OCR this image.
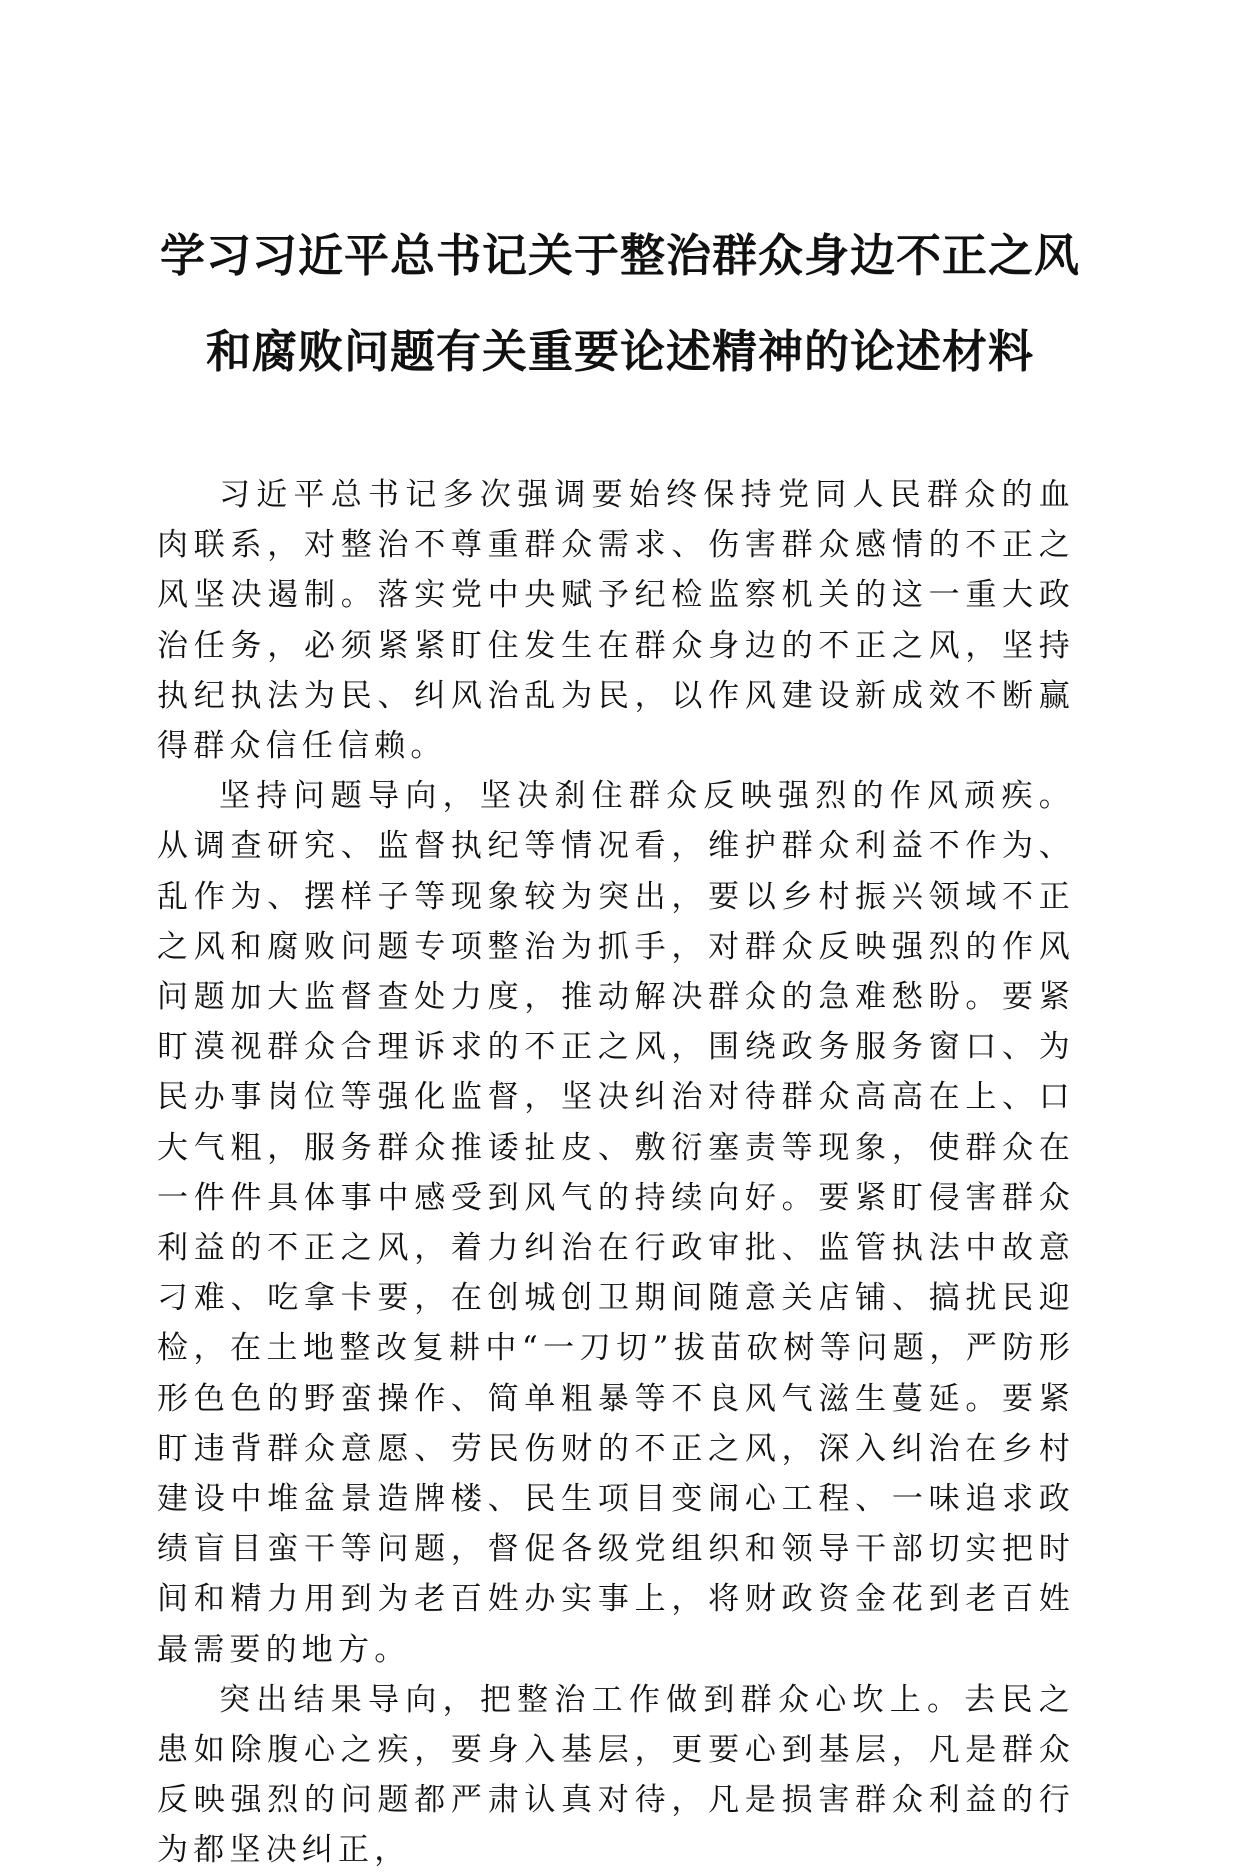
学习习近平总书记关于整治群众身边不正之风
和腐败问题有关重要论述精神的论述材料

习近平总书记多次强调要始终保持党同人民群众的血肉联系，对整治不尊重群众需求、伤害群众感情的不正之风坚决遏制。落实党中央赋予纪检监察机关的这一重大政治任务，必须紧紧盯住发生在群众身边的不正之风，坚持执纪执法为民、纠风治乱为民，以作风建设新成效不断赢得群众信任信赖。

坚持问题导向，坚决刹住群众反映强烈的作风顽疾。从调查研究、监督执纪等情况看，维护群众利益不作为、乱作为、摆样子等现象较为突出，要以乡村振兴领域不正之风和腐败问题专项整治为抓手，对群众反映强烈的作风问题加大监督查处力度，推动解决群众的急难愁盼。要紧盯漠视群众合理诉求的不正之风，围绕政务服务窗口、为民办事岗位等强化监督，坚决纠治对待群众高高在上、口大气粗，服务群众推诿扯皮、敷衍塞责等现象，使群众在一件件具体事中感受到风气的持续向好。要紧盯侵害群众利益的不正之风，着力纠治在行政审批、监管执法中故意刁难、吃拿卡要，在创城创卫期间随意关店铺、搞扰民迎检，在土地整改复耕中“一刀切”拔苗砍树等问题，严防形形色色的野蛮操作、简单粗暴等不良风气滋生蔓延。要紧盯违背群众意愿、劳民伤财的不正之风，深入纠治在乡村建设中堆盆景造牌楼、民生项目变闹心工程、一味追求政绩盲目蛮干等问题，督促各级党组织和领导干部切实把时间和精力用到为老百姓办实事上，将财政资金花到老百姓最需要的地方。

突出结果导向，把整治工作做到群众心坎上。去民之患如除腹心之疾，要身入基层，更要心到基层，凡是群众反映强烈的问题都严肃认真对待，凡是损害群众利益的行为都坚决纠正，
